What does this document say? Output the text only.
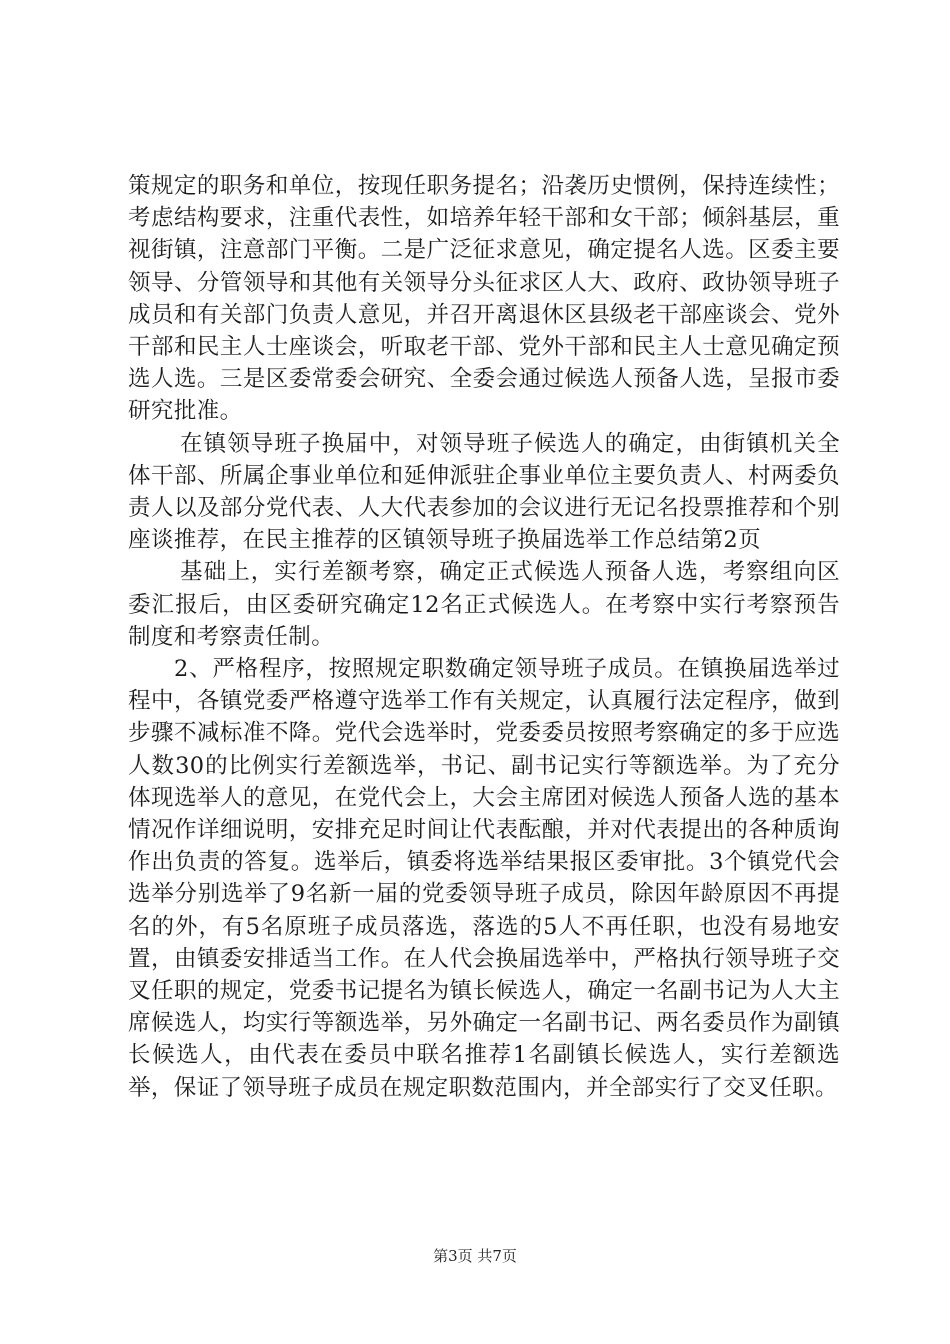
策规定的职务和单位，按现任职务提名；沿袭历史惯例，保持连续性；考虑结构要求，注重代表性，如培养年轻干部和女干部；倾斜基层，重视街镇，注意部门平衡。二是广泛征求意见，确定提名人选。区委主要领导、分管领导和其他有关领导分头征求区人大、政府、政协领导班子成员和有关部门负责人意见，并召开离退休区县级老干部座谈会、党外干部和民主人士座谈会，听取老干部、党外干部和民主人士意见确定预选人选。三是区委常委会研究、全委会通过候选人预备人选，呈报市委研究批准。

在镇领导班子换届中，对领导班子候选人的确定，由街镇机关全体干部、所属企事业单位和延伸派驻企事业单位主要负责人、村两委负责人以及部分党代表、人大代表参加的会议进行无记名投票推荐和个别座谈推荐，在民主推荐的区镇领导班子换届选举工作总结第2页

基础上，实行差额考察，确定正式候选人预备人选，考察组向区委汇报后，由区委研究确定12名正式候选人。在考察中实行考察预告制度和考察责任制。

2、严格程序，按照规定职数确定领导班子成员。在镇换届选举过程中，各镇党委严格遵守选举工作有关规定，认真履行法定程序，做到步骤不减标准不降。党代会选举时，党委委员按照考察确定的多于应选人数30的比例实行差额选举，书记、副书记实行等额选举。为了充分体现选举人的意见，在党代会上，大会主席团对候选人预备人选的基本情况作详细说明，安排充足时间让代表酝酿，并对代表提出的各种质询作出负责的答复。选举后，镇委将选举结果报区委审批。3个镇党代会选举分别选举了9名新一届的党委领导班子成员，除因年龄原因不再提名的外，有5名原班子成员落选，落选的5人不再任职，也没有易地安置，由镇委安排适当工作。在人代会换届选举中，严格执行领导班子交叉任职的规定，党委书记提名为镇长候选人，确定一名副书记为人大主席候选人，均实行等额选举，另外确定一名副书记、两名委员作为副镇长候选人，由代表在委员中联名推荐1名副镇长候选人，实行差额选举，保证了领导班子成员在规定职数范围内，并全部实行了交叉任职。

第3页 共7页
